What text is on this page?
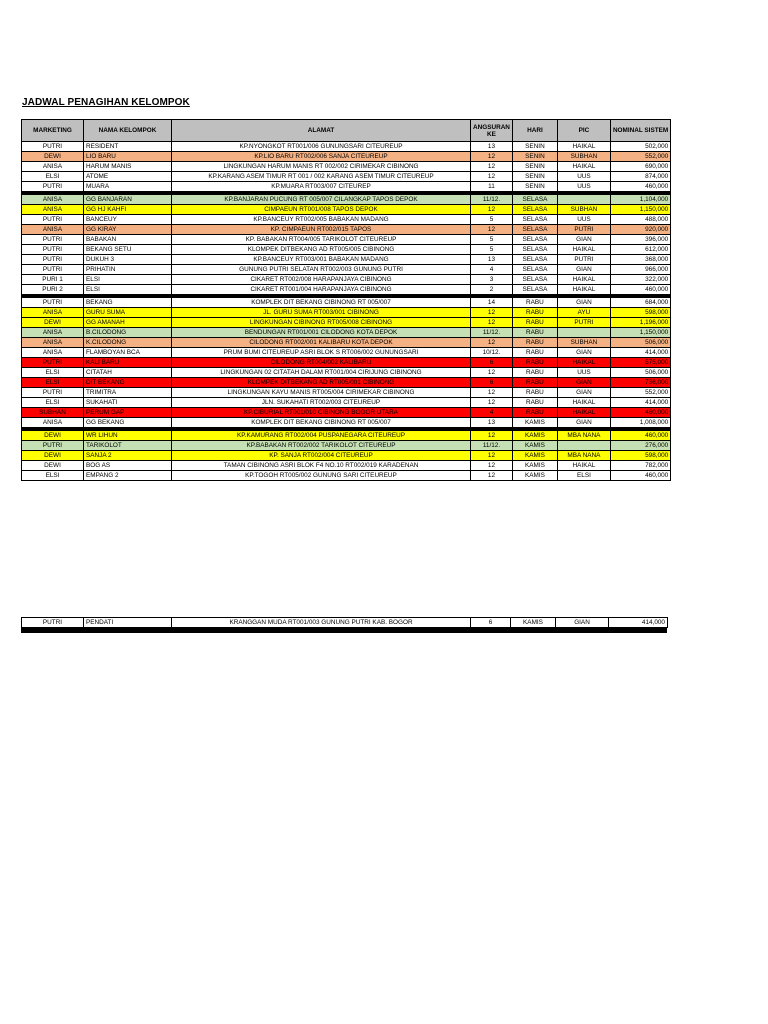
JADWAL PENAGIHAN KELOMPOK
MARKETING	NAMA KELOMPOK	ALAMAT	ANGSURAN KE	HARI	PIC	NOMINAL SISTEM
PUTRI	RESIDENT	KP.NYONGKOT RT001/006 GUNUNGSARI CITEUREUP	13	SENIN	HAIKAL	502,000
DEWI	LIO BARU	KP.LIO BARU RT002/006 SANJA CITEUREUP	12	SENIN	SUBHAN	552,000
ANISA	HARUM MANIS	LINGKUNGAN HARUM MANIS RT 002/002 CIRIMEKAR CIBINONG	12	SENIN	HAIKAL	690,000
ELSI	ATOME	KP.KARANG ASEM TIMUR RT 001 / 002 KARANG ASEM TIMUR CITEUREUP	12	SENIN	UUS	874,000
PUTRI	MUARA	KP.MUARA RT003/007 CITEUREP	11	SENIN	UUS	460,000

ANISA	GG BANJARAN	KP.BANJARAN PUCUNG RT 005/007 CILANGKAP TAPOS DEPOK	11/12.	SELASA		1,104,000
ANISA	GG HJ KAHFI	CIMPAEUN RT001/008 TAPOS DEPOK	12	SELASA	SUBHAN	1,150,000
PUTRI	BANCEUY	KP.BANCEUY RT002/005 BABAKAN MADANG	5	SELASA	UUS	488,000
ANISA	GG KIRAY	KP. CIMPAEUN RT002/015 TAPOS	12	SELASA	PUTRI	920,000
PUTRI	BABAKAN	KP. BABAKAN RT004/005 TARIKOLOT CITEUREUP	5	SELASA	GIAN	396,000
PUTRI	BEKANG SETU	KLOMPEK DITBEKANG AD RT005/005 CIBINONG	5	SELASA	HAIKAL	612,000
PUTRI	DUKUH 3	KP.BANCEUY RT003/001 BABAKAN MADANG	13	SELASA	PUTRI	368,000
PUTRI	PRIHATIN	GUNUNG PUTRI SELATAN RT002/003 GUNUNG PUTRI	4	SELASA	GIAN	966,000
PURI 1	ELSI	CIKARET RT002/008 HARAPANJAYA CIBINONG	3	SELASA	HAIKAL	322,000
PURI 2	ELSI	CIKARET RT001/004 HARAPANJAYA CIBINONG	2	SELASA	HAIKAL	460,000

PUTRI	BEKANG	KOMPLEK DIT BEKANG CIBINONG RT 005/007	14	RABU	GIAN	684,000
ANISA	GURU SUMA	JL. GURU SUMA RT003/001 CIBINONG	12	RABU	AYU	598,000
DEWI	GG AMANAH	LINGKUNGAN CIBINONG RT005/008 CIBINONG	12	RABU	PUTRI	1,196,000
ANISA	B.CILODONG	BENDUNGAN RT001/001 CILODONG KOTA DEPOK	11/12.	RABU		1,150,000
ANISA	K.CILODONG	CILODONG RT002/001 KALIBARU KOTA DEPOK	12	RABU	SUBHAN	506,000
ANISA	FLAMBOYAN BCA	PRUM BUMI CITEUREUP ASRI BLOK S RT006/002 GUNUNGSARI	10/12.	RABU	GIAN	414,000
PUTRI	KALI BARU	CILODONG RT004/002 KALIBARU	6	RABU	HAIKAL	575,000
ELSI	CITATAH	LINGKUNGAN 02 CITATAH DALAM RT001/004 CIRIJUNG CIBINONG	12	RABU	UUS	506,000
ELSI	DIT BEKANG	KLOMPEK DITBEKANG AD RT005/001 CIBINONG	6	RABU	GIAN	736,000
PUTRI	TRIMITRA	LINGKUNGAN KAYU MANIS RT005/004 CIRIMEKAR CIBINONG	12	RABU	GIAN	552,000
ELSI	SUKAHATI	JLN. SUKAHATI RT002/003 CITEUREUP	12	RABU	HAIKAL	414,000
SUBHAN	PERUM GAP	KP.CIBURIAL RT001/010 CIBINONG BOGOR UTARA	4	RABU	HAIKAL	460,000
ANISA	GG BEKANG	KOMPLEK DIT BEKANG CIBINONG RT 005/007	13	KAMIS	GIAN	1,008,000

DEWI	WR LIHUN	KP.KAMURANG RT002/004 PUSPANEGARA CITEUREUP	12	KAMIS	MBA NANA	460,000
PUTRI	TARIKOLOT	KP.BABAKAN RT002/002 TARIKOLOT CITEUREUP	11/12.	KAMIS		276,000
DEWI	SANJA 2	KP. SANJA RT002/004 CITEUREUP	12	KAMIS	MBA NANA	598,000
DEWI	BOG AS	TAMAN CIBINONG ASRI BLOK F4 NO.10 RT002/019 KARADENAN	12	KAMIS	HAIKAL	782,000
ELSI	EMPANG 2	KP.TOGOH RT005/002 GUNUNG SARI CITEUREUP	12	KAMIS	ELSI	460,000
PUTRI	PENDATI	KRANGGAN MUDA RT001/003 GUNUNG PUTRI KAB. BOGOR	6	KAMIS	GIAN	414,000
